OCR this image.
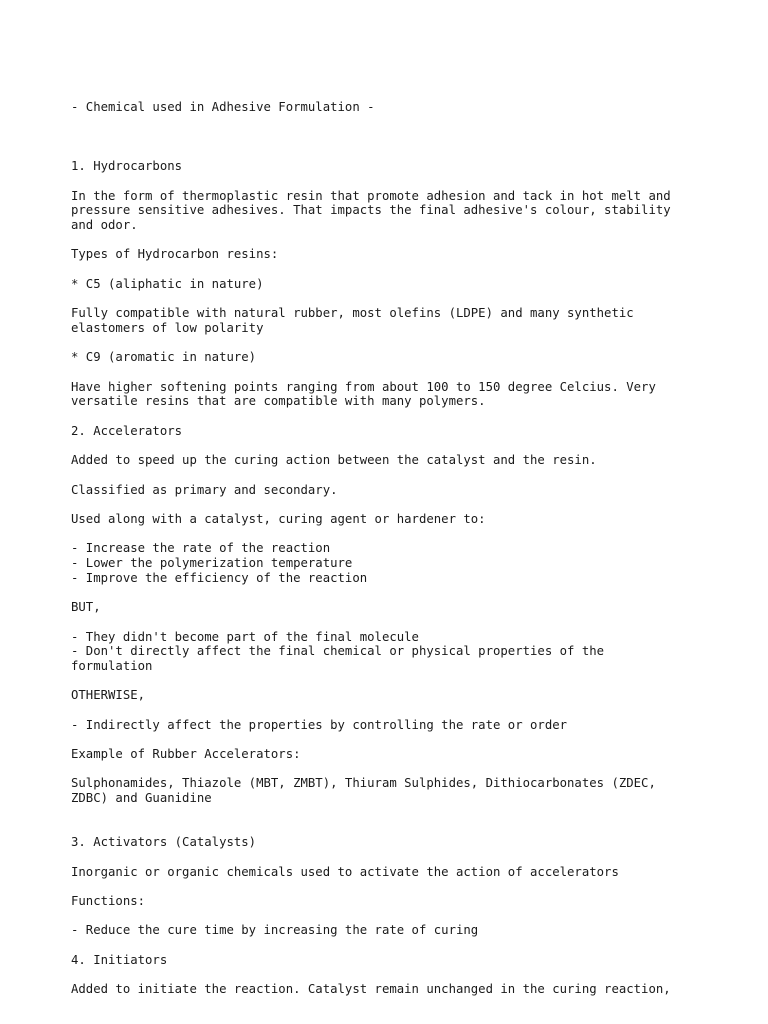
- Chemical used in Adhesive Formulation -

1. Hydrocarbons
In the form of thermoplastic resin that promote adhesion and tack in hot melt and
pressure sensitive adhesives. That impacts the final adhesive's colour, stability
and odor.
Types of Hydrocarbon resins:
* C5 (aliphatic in nature)
Fully compatible with natural rubber, most olefins (LDPE) and many synthetic
elastomers of low polarity
* C9 (aromatic in nature)
Have higher softening points ranging from about 100 to 150 degree Celcius. Very
versatile resins that are compatible with many polymers.
2. Accelerators
Added to speed up the curing action between the catalyst and the resin.
Classified as primary and secondary.
Used along with a catalyst, curing agent or hardener to:
- Increase the rate of the reaction
- Lower the polymerization temperature
- Improve the efficiency of the reaction
BUT,
- They didn't become part of the final molecule
- Don't directly affect the final chemical or physical properties of the
formulation
OTHERWISE,
- Indirectly affect the properties by controlling the rate or order
Example of Rubber Accelerators:
Sulphonamides, Thiazole (MBT, ZMBT), Thiuram Sulphides, Dithiocarbonates (ZDEC,
ZDBC) and Guanidine
3. Activators (Catalysts)
Inorganic or organic chemicals used to activate the action of accelerators
Functions:
- Reduce the cure time by increasing the rate of curing
4. Initiators
Added to initiate the reaction. Catalyst remain unchanged in the curing reaction,
